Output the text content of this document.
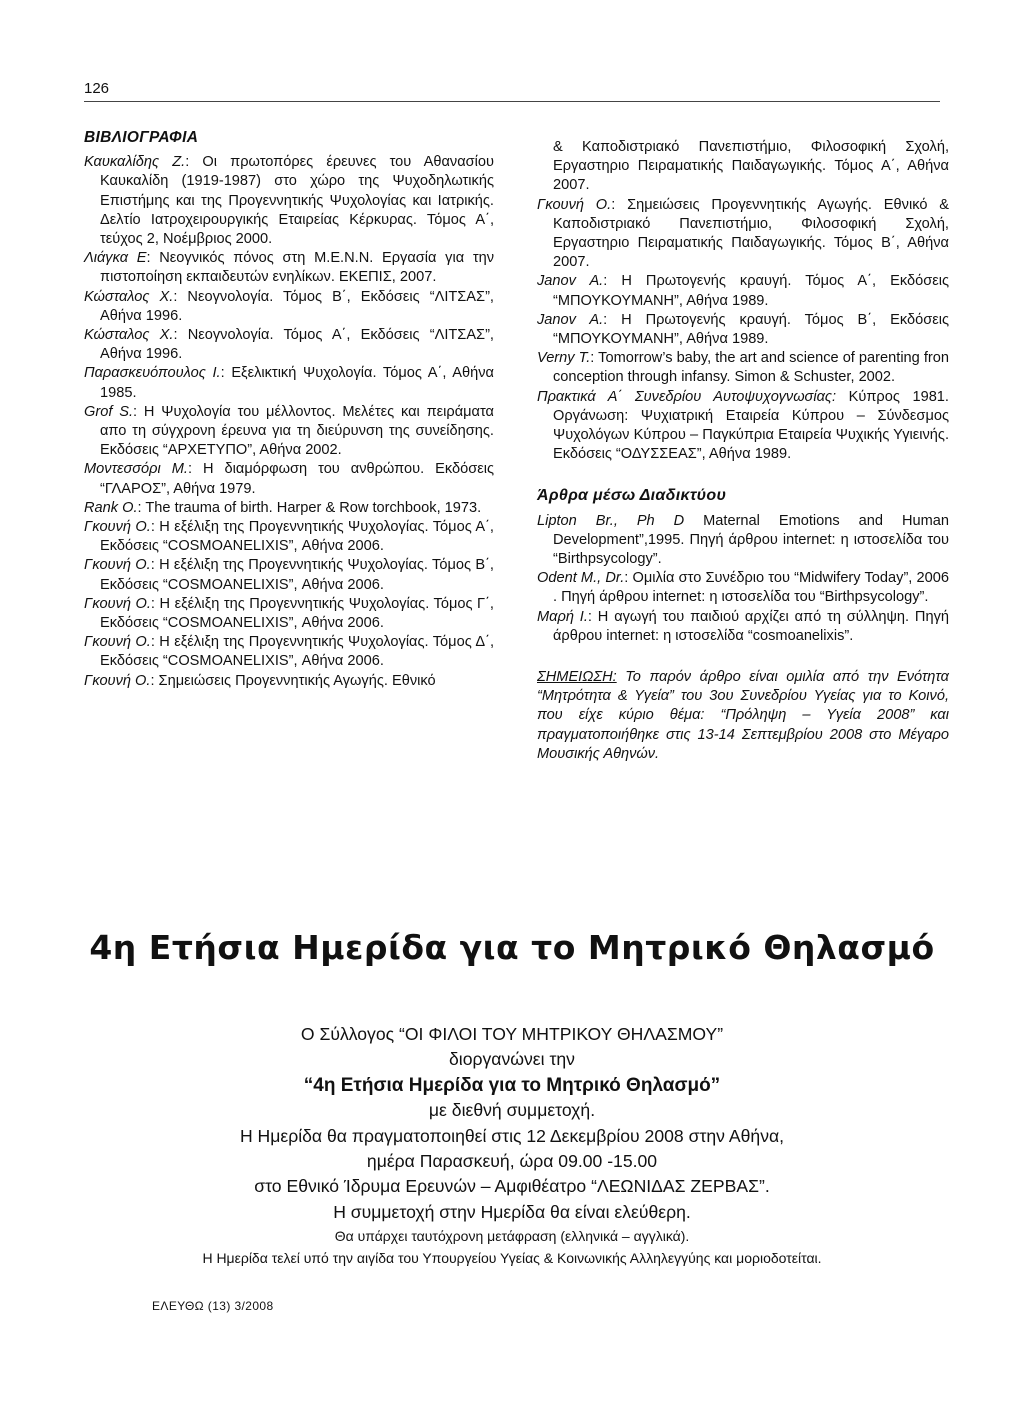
126
ΒΙΒΛΙΟΓΡΑΦΙΑ

Καυκαλίδης Ζ.: Οι πρωτοπόρες έρευνες του Αθανασίου Καυκαλίδη (1919-1987) στο χώρο της Ψυχοδηλωτικής Επιστήμης και της Προγεννητικής Ψυχολογίας και Ιατρικής. Δελτίο Ιατροχειρουργικής Εταιρείας Κέρκυρας. Τόμος Α΄, τεύχος 2, Νοέμβριος 2000.

Λιάγκα Ε: Νεογνικός πόνος στη Μ.Ε.Ν.Ν. Εργασία για την πιστοποίηση εκπαιδευτών ενηλίκων. ΕΚΕΠΙΣ, 2007.

Κώσταλος Χ.: Νεογνολογία. Τόμος Β΄, Εκδόσεις “ΛΙΤΣΑΣ”, Αθήνα 1996.

Κώσταλος Χ.: Νεογνολογία. Τόμος Α΄, Εκδόσεις “ΛΙΤΣΑΣ”, Αθήνα 1996.

Παρασκευόπουλος Ι.: Εξελικτική Ψυχολογία. Τόμος Α΄, Αθήνα 1985.

Grof S.: Η Ψυχολογία του μέλλοντος. Μελέτες και πειράματα απο τη σύγχρονη έρευνα για τη διεύρυνση της συνείδησης. Εκδόσεις “ΑΡΧΕΤΥΠΟ”, Αθήνα 2002.

Μοντεσσόρι Μ.: Η διαμόρφωση του ανθρώπου. Εκδόσεις “ΓΛΑΡΟΣ”, Αθήνα 1979.

Rank O.: The trauma of birth. Harper & Row torchbook, 1973.

Γκουνή Ο.: Η εξέλιξη της Προγεννητικής Ψυχολογίας. Τόμος Α΄, Εκδόσεις “COSMOANELIXIS”, Αθήνα 2006.

Γκουνή Ο.: Η εξέλιξη της Προγεννητικής Ψυχολογίας. Τόμος Β΄, Εκδόσεις “COSMOANELIXIS”, Αθήνα 2006.

Γκουνή Ο.: Η εξέλιξη της Προγεννητικής Ψυχολογίας. Τόμος Γ΄, Εκδόσεις “COSMOANELIXIS”, Αθήνα 2006.

Γκουνή Ο.: Η εξέλιξη της Προγεννητικής Ψυχολογίας. Τόμος Δ΄, Εκδόσεις “COSMOANELIXIS”, Αθήνα 2006.

Γκουνή Ο.: Σημειώσεις Προγεννητικής Αγωγής. Εθνικό

& Καποδιστριακό Πανεπιστήμιο, Φιλοσοφική Σχολή, Εργαστηριο Πειραματικής Παιδαγωγικής. Τόμος Α΄, Αθήνα 2007.

Γκουνή Ο.: Σημειώσεις Προγεννητικής Αγωγής. Εθνικό & Καποδιστριακό Πανεπιστήμιο, Φιλοσοφική Σχολή, Εργαστηριο Πειραματικής Παιδαγωγικής. Τόμος Β΄, Αθήνα 2007.

Janov A.: Η Πρωτογενής κραυγή. Τόμος Α΄, Εκδόσεις “ΜΠΟΥΚΟΥΜΑΝΗ”, Αθήνα 1989.

Janov A.: Η Πρωτογενής κραυγή. Τόμος Β΄, Εκδόσεις “ΜΠΟΥΚΟΥΜΑΝΗ”, Αθήνα 1989.

Verny T.: Tomorrow’s baby, the art and science of parenting fron conception through infansy. Simon & Schuster, 2002.

Πρακτικά Α΄ Συνεδρίου Αυτοψυχογνωσίας: Κύπρος 1981. Οργάνωση: Ψυχιατρική Εταιρεία Κύπρου – Σύνδεσμος Ψυχολόγων Κύπρου – Παγκύπρια Εταιρεία Ψυχικής Υγιεινής. Εκδόσεις “ΟΔΥΣΣΕΑΣ”, Αθήνα 1989.

Άρθρα μέσω Διαδικτύου

Lipton Br., Ph D Maternal Emotions and Human Development”,1995. Πηγή άρθρου internet: η ιστοσελίδα του “Birthpsycology”.

Odent M., Dr.: Ομιλία στο Συνέδριο του “Midwifery Today”, 2006 . Πηγή άρθρου internet: η ιστοσελίδα του “Birthpsycology”.

Μαρή Ι.: Η αγωγή του παιδιού αρχίζει από τη σύλληψη. Πηγή άρθρου internet: η ιστοσελίδα “cosmoanelixis”.

ΣΗΜΕΙΩΣΗ: Το παρόν άρθρο είναι ομιλία από την Ενότητα “Μητρότητα & Υγεία” του 3ου Συνεδρίου Υγείας για το Κοινό, που είχε κύριο θέμα: “Πρόληψη – Υγεία 2008” και πραγματοποιήθηκε στις 13-14 Σεπτεμβρίου 2008 στο Μέγαρο Μουσικής Αθηνών.

4η Ετήσια Ημερίδα για το Μητρικό Θηλασμό
Ο Σύλλογος “ΟΙ ΦΙΛΟΙ ΤΟΥ ΜΗΤΡΙΚΟΥ ΘΗΛΑΣΜΟΥ”
διοργανώνει την
“4η Ετήσια Ημερίδα για το Μητρικό Θηλασμό”
με διεθνή συμμετοχή.
Η Ημερίδα θα πραγματοποιηθεί στις 12 Δεκεμβρίου 2008 στην Αθήνα,
ημέρα Παρασκευή, ώρα 09.00 -15.00
στο Εθνικό Ίδρυμα Ερευνών – Αμφιθέατρο “ΛΕΩΝΙΔΑΣ ΖΕΡΒΑΣ”.
Η συμμετοχή στην Ημερίδα θα είναι ελεύθερη.
Θα υπάρχει ταυτόχρονη μετάφραση (ελληνικά – αγγλικά).
Η Ημερίδα τελεί υπό την αιγίδα του Υπουργείου Υγείας & Κοινωνικής Αλληλεγγύης και μοριοδοτείται.
ΕΛΕΥΘΩ (13) 3/2008
